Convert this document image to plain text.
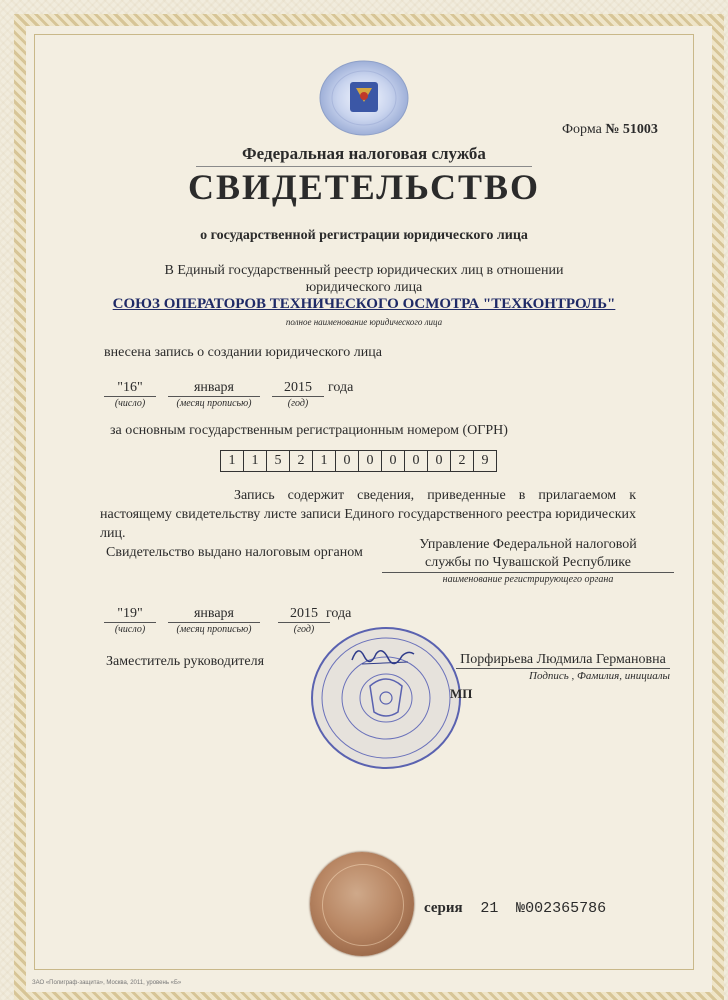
Форма № 51003
Федеральная налоговая служба
СВИДЕТЕЛЬСТВО
о государственной регистрации юридического лица
В Единый государственный реестр юридических лиц в отношении
юридического лица
СОЮЗ ОПЕРАТОРОВ ТЕХНИЧЕСКОГО ОСМОТРА "ТЕХКОНТРОЛЬ"
полное наименование юридического лица
внесена запись о создании юридического лица
"16"	января	2015	года
(число)	(месяц прописью)	(год)
за основным государственным регистрационным номером (ОГРН)
1	1	5	2	1	0	0	0	0	0	2	9
Запись содержит сведения, приведенные в прилагаемом к настоящему свидетельству листе записи Единого государственного реестра юридических лиц.
Свидетельство выдано налоговым органом
Управление Федеральной налоговой
службы по Чувашской Республике
наименование регистрирующего органа
"19"	января	2015 года
(число)	(месяц прописью)	(год)
Заместитель руководителя	Порфирьева Людмила Германовна
Подпись , Фамилия, инициалы
МП
серия 21 №002365786
ЗАО «Полиграф-защита», Москва, 2011, уровень «Б»
